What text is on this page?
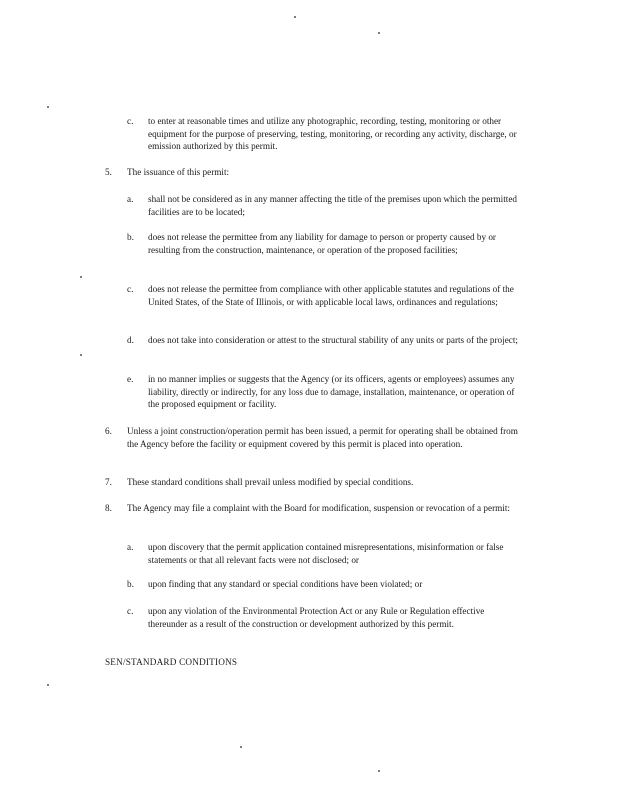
c. to enter at reasonable times and utilize any photographic, recording, testing, monitoring or other equipment for the purpose of preserving, testing, monitoring, or recording any activity, discharge, or emission authorized by this permit.
5. The issuance of this permit:
a. shall not be considered as in any manner affecting the title of the premises upon which the permitted facilities are to be located;
b. does not release the permittee from any liability for damage to person or property caused by or resulting from the construction, maintenance, or operation of the proposed facilities;
c. does not release the permittee from compliance with other applicable statutes and regulations of the United States, of the State of Illinois, or with applicable local laws, ordinances and regulations;
d. does not take into consideration or attest to the structural stability of any units or parts of the project;
e. in no manner implies or suggests that the Agency (or its officers, agents or employees) assumes any liability, directly or indirectly, for any loss due to damage, installation, maintenance, or operation of the proposed equipment or facility.
6. Unless a joint construction/operation permit has been issued, a permit for operating shall be obtained from the Agency before the facility or equipment covered by this permit is placed into operation.
7. These standard conditions shall prevail unless modified by special conditions.
8. The Agency may file a complaint with the Board for modification, suspension or revocation of a permit:
a. upon discovery that the permit application contained misrepresentations, misinformation or false statements or that all relevant facts were not disclosed; or
b. upon finding that any standard or special conditions have been violated; or
c. upon any violation of the Environmental Protection Act or any Rule or Regulation effective thereunder as a result of the construction or development authorized by this permit.
SEN/STANDARD CONDITIONS
